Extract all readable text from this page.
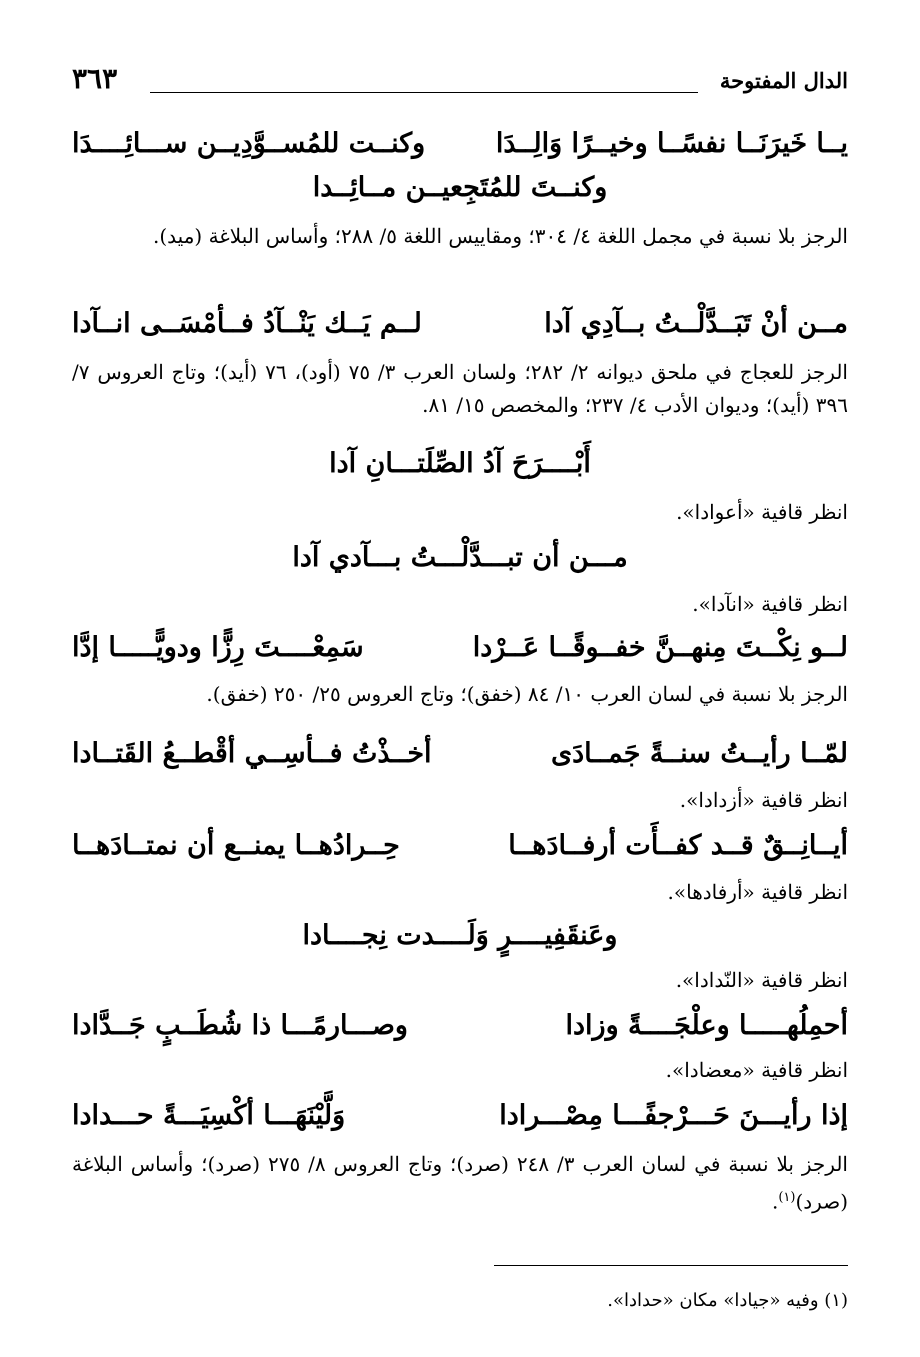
الدال المفتوحة
٣٦٣
يــا خَيرَنَــا نفسًــا وخيــرًا وَالِــدَا
وكنــت للمُســوَّدِيــن ســـائِــــدَا
وكنــتَ للمُتَجِعيــن مــائِــدا

الرجز بلا نسبة في مجمل اللغة ٤/ ٣٠٤؛ ومقاييس اللغة ٥/ ٢٨٨؛ وأساس البلاغة (ميد).

مــن أنْ تَبَــدَّلْــتُ بــآدِي آدا
لــم يَــك يَنْــآدُ فــأمْسَــى انــآدا

الرجز للعجاج في ملحق ديوانه ٢/ ٢٨٢؛ ولسان العرب ٣/ ٧٥ (أود)، ٧٦ (أيد)؛ وتاج العروس ٧/ ٣٩٦ (أيد)؛ وديوان الأدب ٤/ ٢٣٧؛ والمخصص ١٥/ ٨١.

أَبْــــرَحَ آدُ الصِّلَتـــانِ آدا
انظر قافية «أعوادا».
مـــن أن تبـــدَّلْـــتُ بـــآدي آدا
انظر قافية «انآدا».
لــو نِكْــتَ مِنهــنَّ خفــوقًــا عَــرْدا
سَمِعْــــتَ رِزًّا ودويًّـــــا إدَّا

الرجز بلا نسبة في لسان العرب ١٠/ ٨٤ (خفق)؛ وتاج العروس ٢٥/ ٢٥٠ (خفق).

لمّــا رأيــتُ سنــةً جَمــادَى
أخــذْتُ فــأسِــي أقْطــعُ القَتــادا
انظر قافية «أزدادا».
أيــانِــقٌ قــد كفــأَت أرفــادَهــا
حِــرادُهــا يمنــع أن نمتــادَهــا
انظر قافية «أرفادها».
وعَنقَفِيــــرٍ وَلَــــدت نِجــــادا
انظر قافية «النّدادا».
أحمِلُهـــــا وعلْجَــــةً وزادا
وصـــارمًـــا ذا شُطَــبٍ جَــدَّادا
انظر قافية «معضادا».
إذا رأيـــنَ حَـــرْجفًـــا مِصْـــرادا
وَلَّيْنَهَـــا أكْسِيَـــةً حـــدادا

الرجز بلا نسبة في لسان العرب ٣/ ٢٤٨ (صرد)؛ وتاج العروس ٨/ ٢٧٥ (صرد)؛ وأساس البلاغة (صرد)$^{(١)}$.

(١) وفيه «جيادا» مكان «حدادا».
